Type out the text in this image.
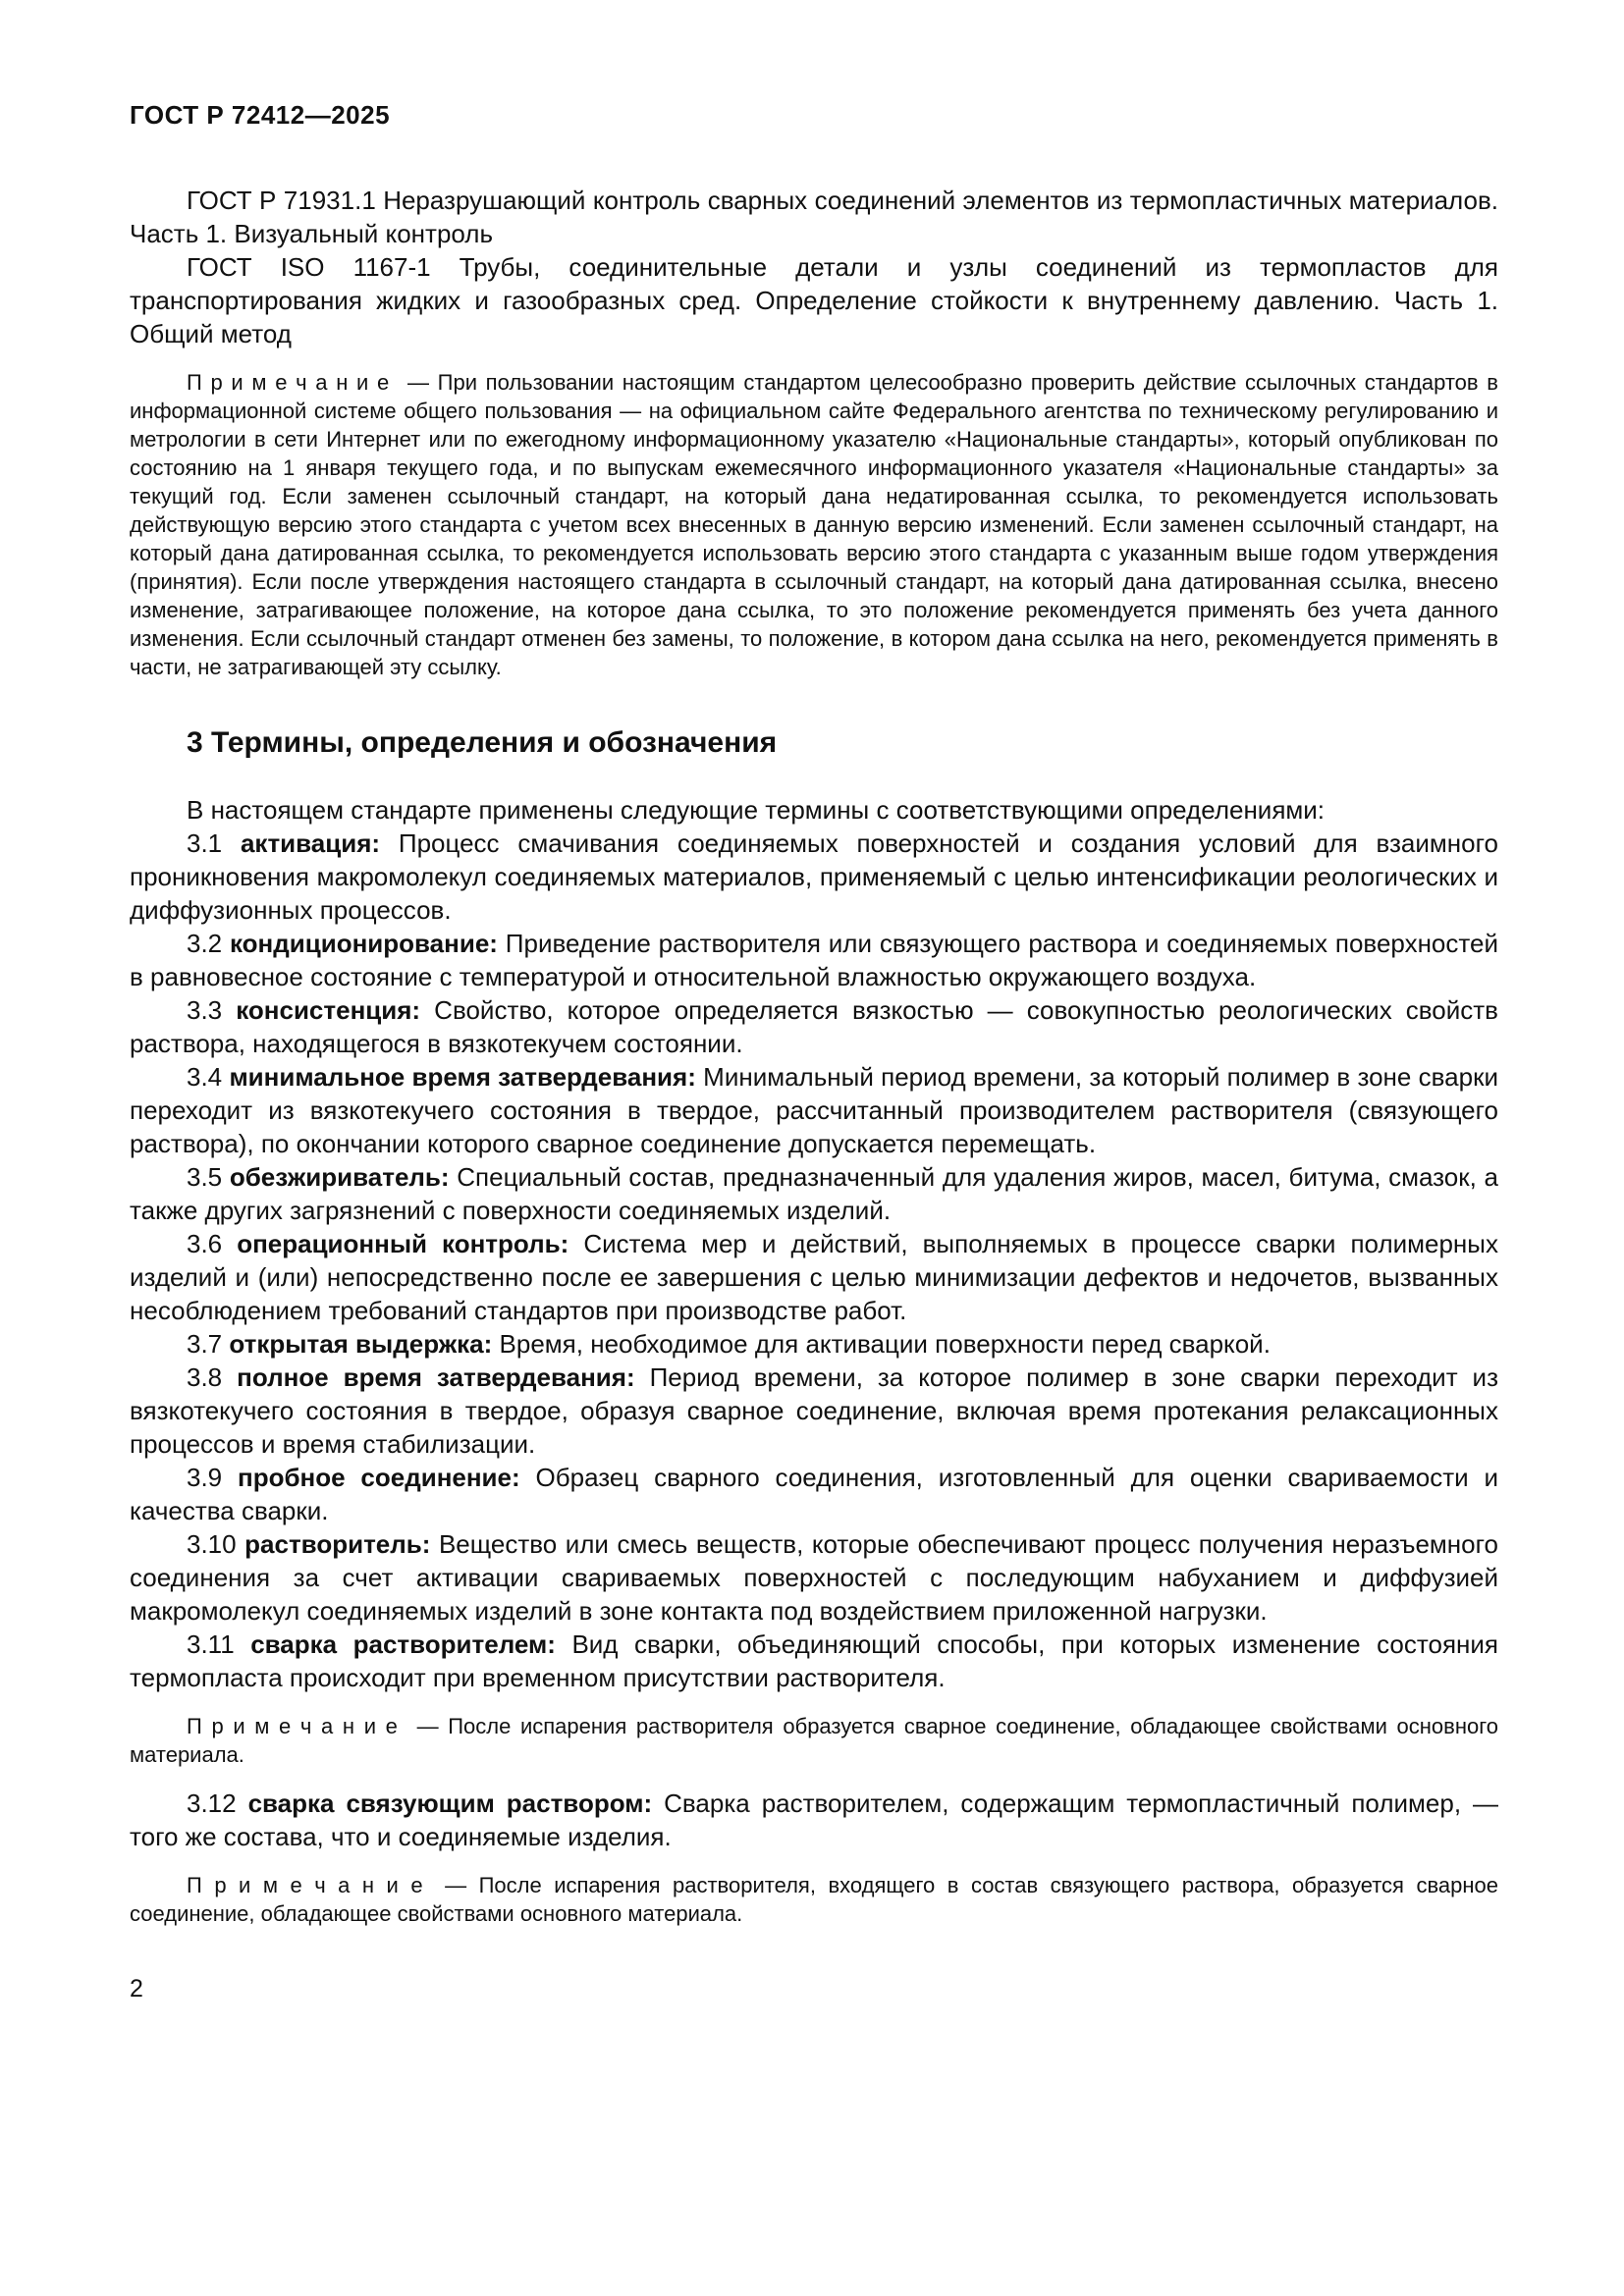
ГОСТ Р 72412—2025

ГОСТ Р 71931.1 Неразрушающий контроль сварных соединений элементов из термопластичных материалов. Часть 1. Визуальный контроль

ГОСТ ISO 1167-1 Трубы, соединительные детали и узлы соединений из термопластов для транспортирования жидких и газообразных сред. Определение стойкости к внутреннему давлению. Часть 1. Общий метод

П р и м е ч а н и е — При пользовании настоящим стандартом целесообразно проверить действие ссылочных стандартов в информационной системе общего пользования — на официальном сайте Федерального агентства по техническому регулированию и метрологии в сети Интернет или по ежегодному информационному указателю «Национальные стандарты», который опубликован по состоянию на 1 января текущего года, и по выпускам ежемесячного информационного указателя «Национальные стандарты» за текущий год. Если заменен ссылочный стандарт, на который дана недатированная ссылка, то рекомендуется использовать действующую версию этого стандарта с учетом всех внесенных в данную версию изменений. Если заменен ссылочный стандарт, на который дана датированная ссылка, то рекомендуется использовать версию этого стандарта с указанным выше годом утверждения (принятия). Если после утверждения настоящего стандарта в ссылочный стандарт, на который дана датированная ссылка, внесено изменение, затрагивающее положение, на которое дана ссылка, то это положение рекомендуется применять без учета данного изменения. Если ссылочный стандарт отменен без замены, то положение, в котором дана ссылка на него, рекомендуется применять в части, не затрагивающей эту ссылку.

3 Термины, определения и обозначения

В настоящем стандарте применены следующие термины с соответствующими определениями:

3.1 активация: Процесс смачивания соединяемых поверхностей и создания условий для взаимного проникновения макромолекул соединяемых материалов, применяемый с целью интенсификации реологических и диффузионных процессов.

3.2 кондиционирование: Приведение растворителя или связующего раствора и соединяемых поверхностей в равновесное состояние с температурой и относительной влажностью окружающего воздуха.

3.3 консистенция: Свойство, которое определяется вязкостью — совокупностью реологических свойств раствора, находящегося в вязкотекучем состоянии.

3.4 минимальное время затвердевания: Минимальный период времени, за который полимер в зоне сварки переходит из вязкотекучего состояния в твердое, рассчитанный производителем растворителя (связующего раствора), по окончании которого сварное соединение допускается перемещать.

3.5 обезжириватель: Специальный состав, предназначенный для удаления жиров, масел, битума, смазок, а также других загрязнений с поверхности соединяемых изделий.

3.6 операционный контроль: Система мер и действий, выполняемых в процессе сварки полимерных изделий и (или) непосредственно после ее завершения с целью минимизации дефектов и недочетов, вызванных несоблюдением требований стандартов при производстве работ.

3.7 открытая выдержка: Время, необходимое для активации поверхности перед сваркой.

3.8 полное время затвердевания: Период времени, за которое полимер в зоне сварки переходит из вязкотекучего состояния в твердое, образуя сварное соединение, включая время протекания релаксационных процессов и время стабилизации.

3.9 пробное соединение: Образец сварного соединения, изготовленный для оценки свариваемости и качества сварки.

3.10 растворитель: Вещество или смесь веществ, которые обеспечивают процесс получения неразъемного соединения за счет активации свариваемых поверхностей с последующим набуханием и диффузией макромолекул соединяемых изделий в зоне контакта под воздействием приложенной нагрузки.

3.11 сварка растворителем: Вид сварки, объединяющий способы, при которых изменение состояния термопласта происходит при временном присутствии растворителя.

П р и м е ч а н и е — После испарения растворителя образуется сварное соединение, обладающее свойствами основного материала.

3.12 сварка связующим раствором: Сварка растворителем, содержащим термопластичный полимер, — того же состава, что и соединяемые изделия.

П р и м е ч а н и е — После испарения растворителя, входящего в состав связующего раствора, образуется сварное соединение, обладающее свойствами основного материала.

2
